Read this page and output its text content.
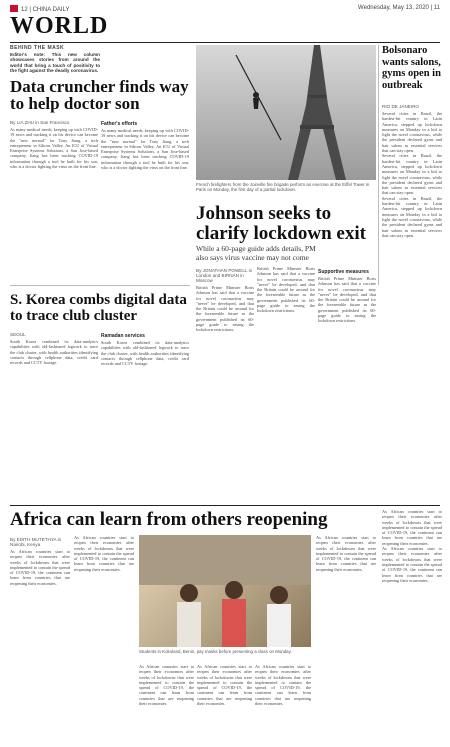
12 | CHINA DAILY	Wednesday, May 13, 2020 | 11
WORLD
BEHIND THE MASK
Editor's note: This new column showcases stories from around the world that bring a touch of positivity to the fight against the deadly coronavirus.
Data cruncher finds way to help doctor son
By LIA ZHU in San Francisco
As many medical needs, keeping up with COVID-19 news and tracking it on his device can become the "new normal" for Tony Jiang, a tech entrepreneur in Silicon Valley. An ICU of Virtual Enterprise Systems Solutions, a San Jose-based company, Jiang has been tracking COVID-19 information through a tool he built for his son, who is a doctor fighting the virus on the front line.
Father's efforts
As many medical needs, keeping up with COVID-19 news and tracking it on his device can become the "new normal" for Tony Jiang, a tech entrepreneur in Silicon Valley. An ICU of Virtual Enterprise Systems Solutions, a San Jose-based company, Jiang has been tracking COVID-19 information through a tool he built for his son, who is a doctor fighting the virus on the front line.
S. Korea combs digital data to trace club cluster
SEOUL
South Korea combined its data-analytics capabilities with old-fashioned legwork to trace the club cluster, with health authorities identifying contacts through cellphone data, credit card records and CCTV footage.
Ramadan services
South Korea combined its data-analytics capabilities with old-fashioned legwork to trace the club cluster, with health authorities identifying contacts through cellphone data, credit card records and CCTV footage.
French firefighters from the Joinville fire brigade perform an exercise at the Eiffel Tower in Paris on Monday, the first day of a partial lockdown.
Johnson seeks to clarify lockdown exit
While a 60-page guide adds details, PM also says virus vaccine may not come
By JONATHAN POWELL in London and BIRNAN in Moscow
British Prime Minister Boris Johnson has said that a vaccine for novel coronavirus may "never" be developed, and that the Britain could be around for the foreseeable future as the government published its 60-page guide to easing the lockdown restrictions.
British Prime Minister Boris Johnson has said that a vaccine for novel coronavirus may "never" be developed, and that the Britain could be around for the foreseeable future as the government published its 60-page guide to easing the lockdown restrictions.
Supportive measures
British Prime Minister Boris Johnson has said that a vaccine for novel coronavirus may "never" be developed, and that the Britain could be around for the foreseeable future as the government published its 60-page guide to easing the lockdown restrictions.
Bolsonaro wants salons, gyms open in outbreak
RIO DE JANEIRO
Several cities in Brazil, the hardest-hit country in Latin America, stepped up lockdown measures on Monday in a bid to fight the novel coronavirus, while the president declared gyms and hair salons as essential services that can stay open.
Several cities in Brazil, the hardest-hit country in Latin America, stepped up lockdown measures on Monday in a bid to fight the novel coronavirus, while the president declared gyms and hair salons as essential services that can stay open.
Several cities in Brazil, the hardest-hit country in Latin America, stepped up lockdown measures on Monday in a bid to fight the novel coronavirus, while the president declared gyms and hair salons as essential services that can stay open.
Africa can learn from others reopening
By EDITH MUTETHYA in Nairobi, Kenya
As African countries start to reopen their economies after weeks of lockdowns that were implemented to contain the spread of COVID-19, the continent can learn from countries that are reopening their economies.
As African countries start to reopen their economies after weeks of lockdowns that were implemented to contain the spread of COVID-19, the continent can learn from countries that are reopening their economies.
Students in Kokoland, Benin, pay masks before presenting a class on Monday.
As African countries start to reopen their economies after weeks of lockdowns that were implemented to contain the spread of COVID-19, the continent can learn from countries that are reopening their economies.
As African countries start to reopen their economies after weeks of lockdowns that were implemented to contain the spread of COVID-19, the continent can learn from countries that are reopening their economies.
As African countries start to reopen their economies after weeks of lockdowns that were implemented to contain the spread of COVID-19, the continent can learn from countries that are reopening their economies.
As African countries start to reopen their economies after weeks of lockdowns that were implemented to contain the spread of COVID-19, the continent can learn from countries that are reopening their economies.
As African countries start to reopen their economies after weeks of lockdowns that were implemented to contain the spread of COVID-19, the continent can learn from countries that are reopening their economies.
As African countries start to reopen their economies after weeks of lockdowns that were implemented to contain the spread of COVID-19, the continent can learn from countries that are reopening their economies.
